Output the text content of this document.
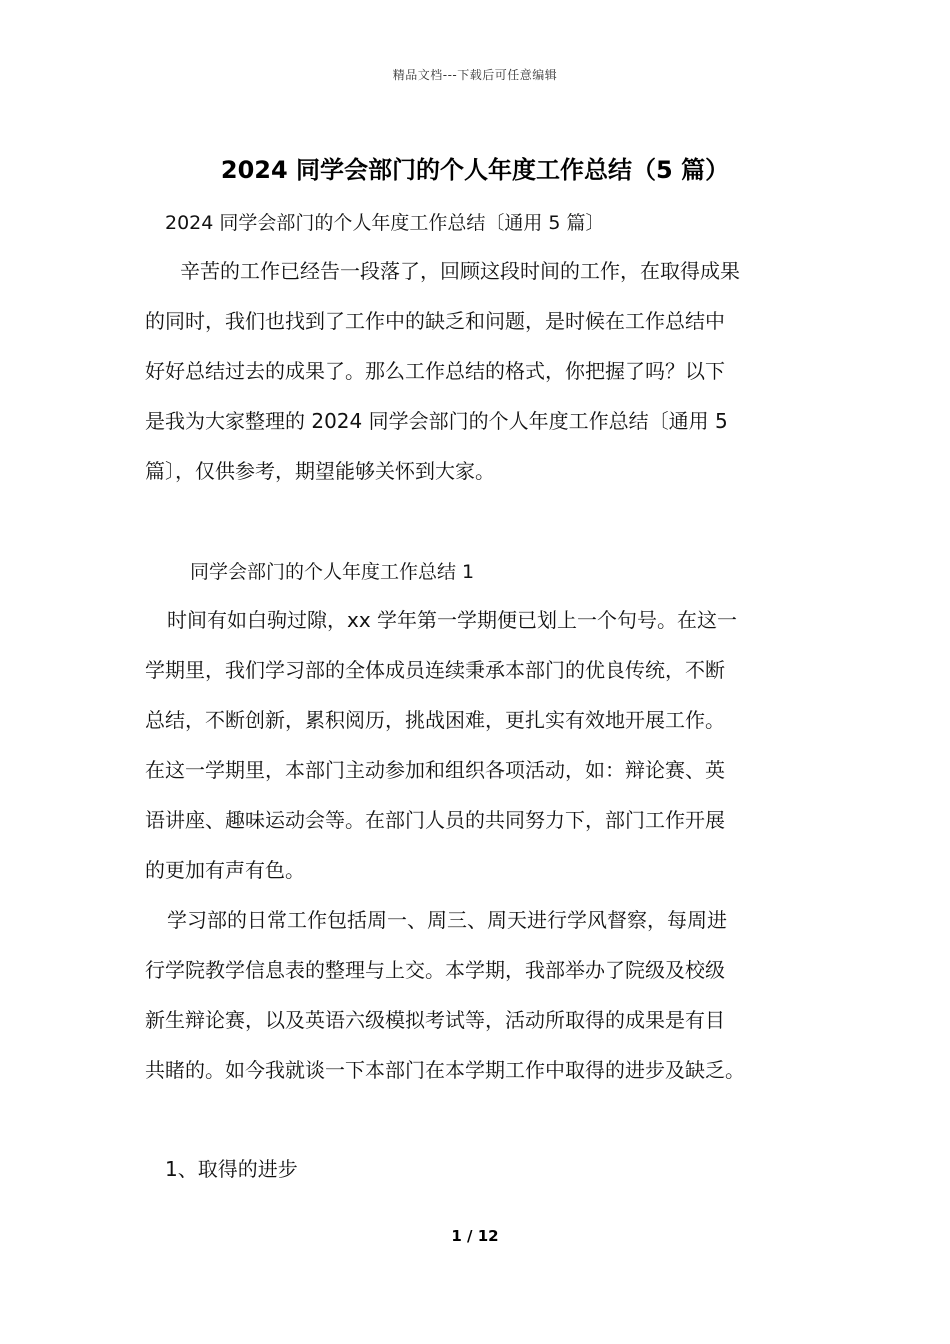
精品文档---下载后可任意编辑
2024 同学会部门的个人年度工作总结（5 篇）
2024 同学会部门的个人年度工作总结〔通用 5 篇〕
辛苦的工作已经告一段落了，回顾这段时间的工作，在取得成果
的同时，我们也找到了工作中的缺乏和问题，是时候在工作总结中
好好总结过去的成果了。那么工作总结的格式，你把握了吗？以下
是我为大家整理的 2024 同学会部门的个人年度工作总结〔通用 5
篇〕，仅供参考，期望能够关怀到大家。
同学会部门的个人年度工作总结 1
时间有如白驹过隙，xx 学年第一学期便已划上一个句号。在这一
学期里，我们学习部的全体成员连续秉承本部门的优良传统，不断
总结，不断创新，累积阅历，挑战困难，更扎实有效地开展工作。
在这一学期里，本部门主动参加和组织各项活动，如：辩论赛、英
语讲座、趣味运动会等。在部门人员的共同努力下，部门工作开展
的更加有声有色。
学习部的日常工作包括周一、周三、周天进行学风督察，每周进
行学院教学信息表的整理与上交。本学期，我部举办了院级及校级
新生辩论赛，以及英语六级模拟考试等，活动所取得的成果是有目
共睹的。如今我就谈一下本部门在本学期工作中取得的进步及缺乏。
1、取得的进步
1 / 12
